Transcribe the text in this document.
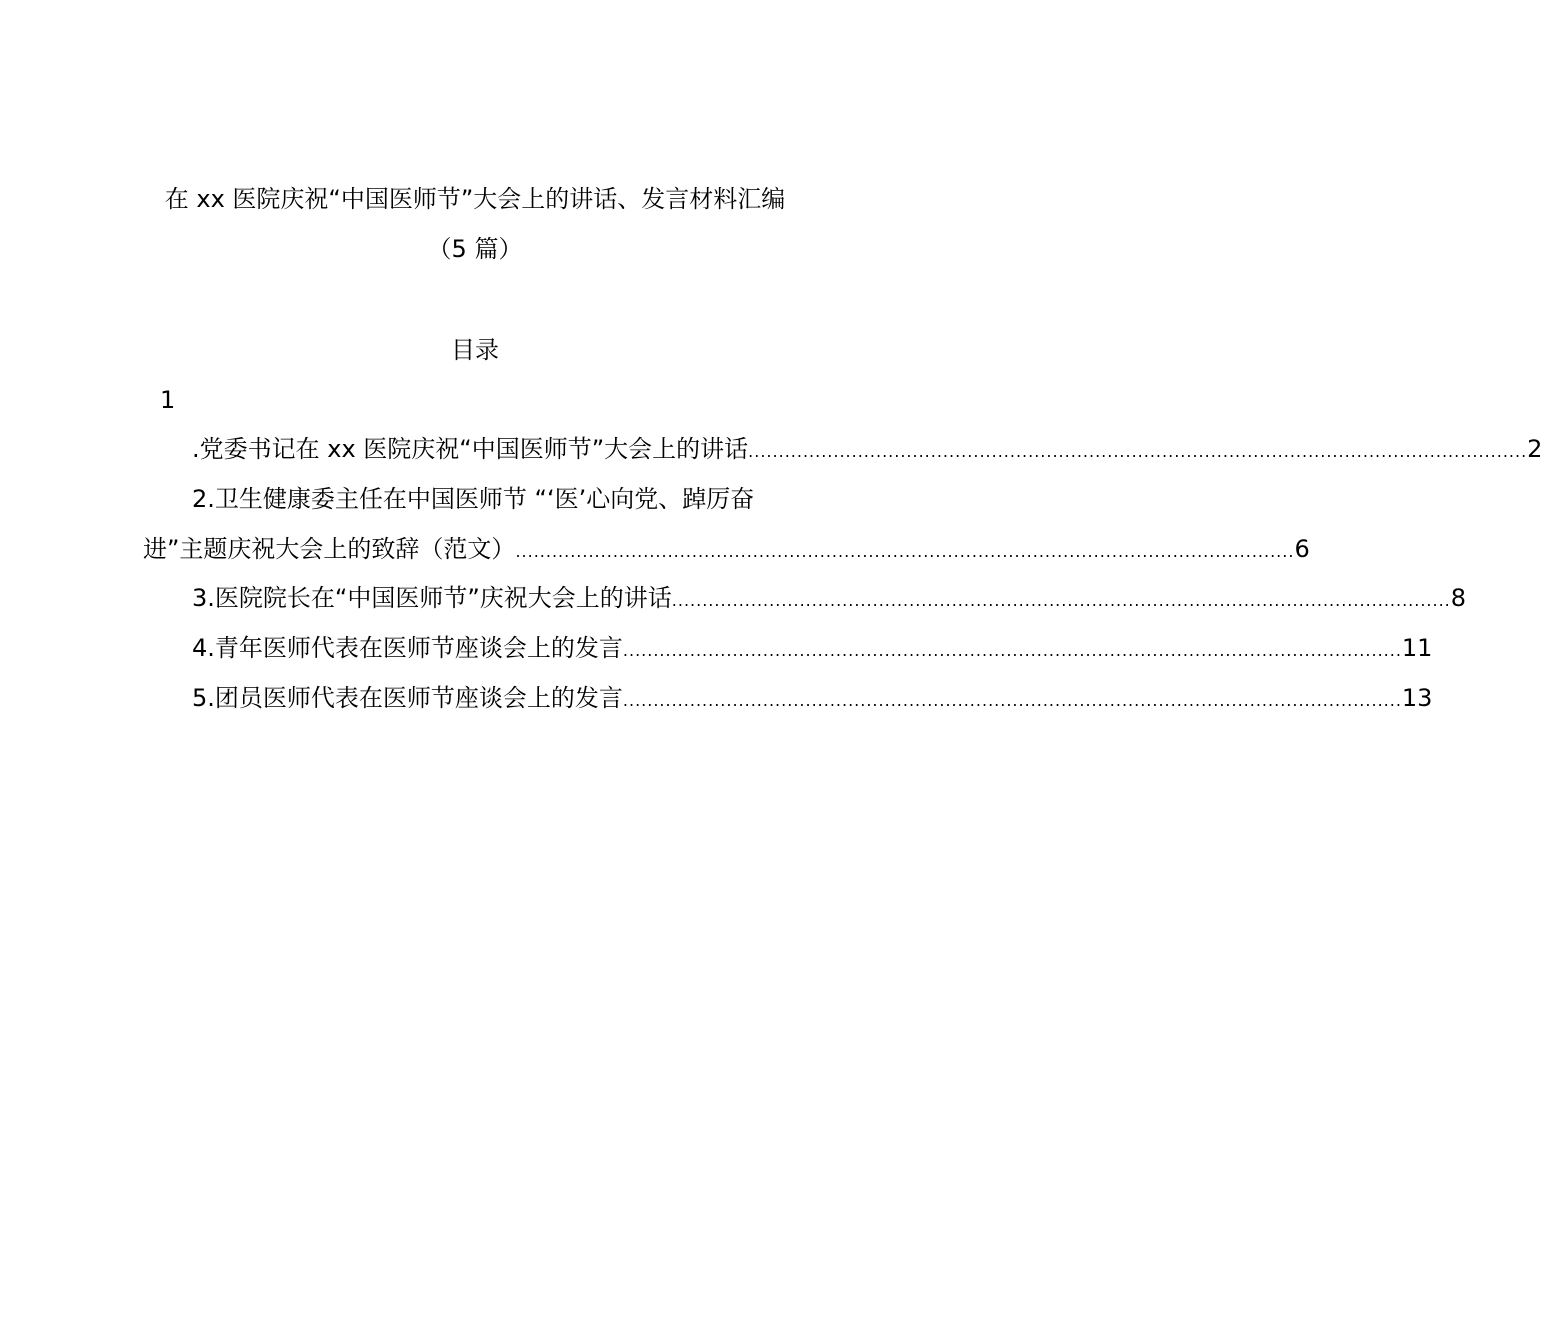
在 xx 医院庆祝“中国医师节”大会上的讲话、发言材料汇编
（5 篇）
目录
1
.党委书记在 xx 医院庆祝“中国医师节”大会上的讲话 ................................................................................................................................ 2
2.卫生健康委主任在中国医师节 “‘医’心向党、踔厉奋
进”主题庆祝大会上的致辞（范文） ................................................................................................................................ 6
3.医院院长在“中国医师节”庆祝大会上的讲话 ................................................................................................................................ 8
4.青年医师代表在医师节座谈会上的发言 ................................................................................................................................ 11
5.团员医师代表在医师节座谈会上的发言 ................................................................................................................................ 13
